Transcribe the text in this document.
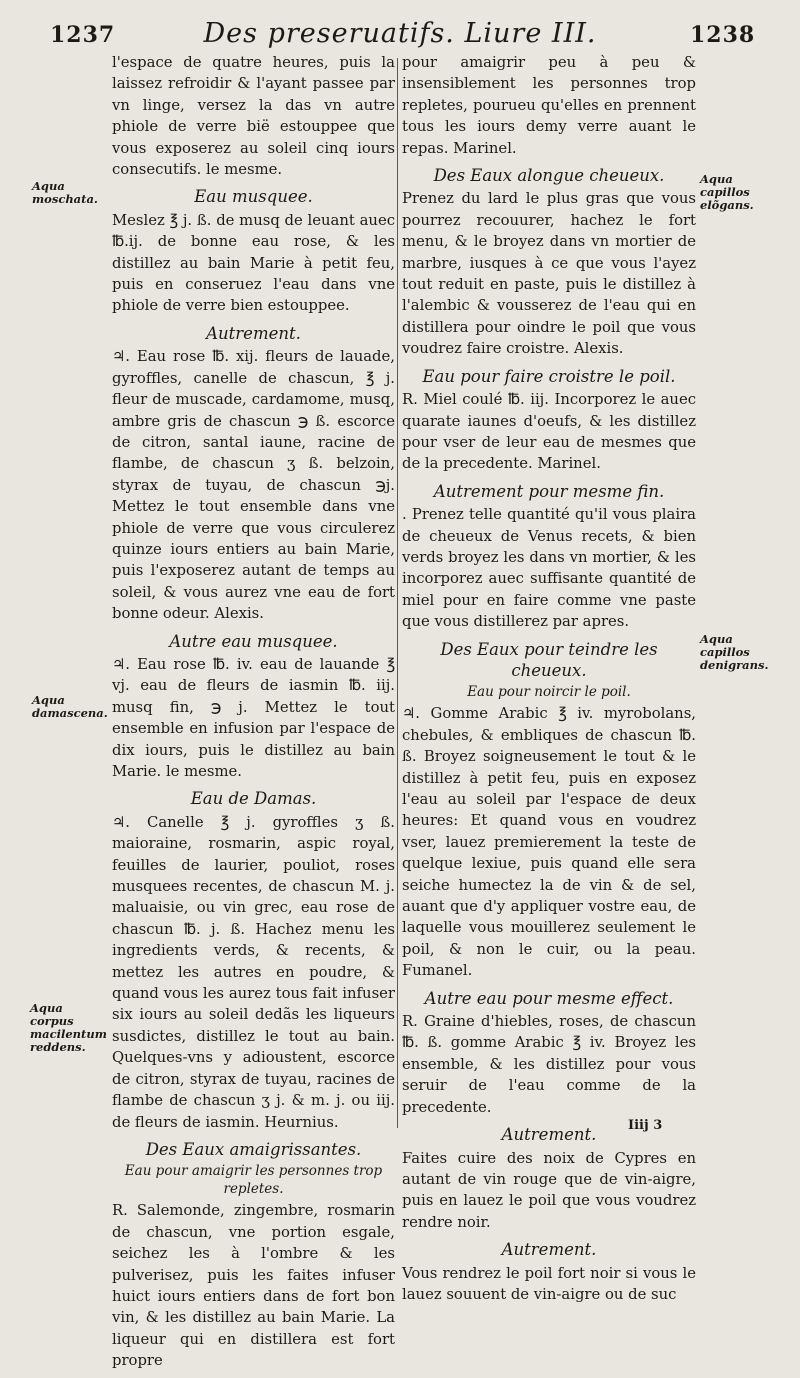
1237	Des preseruatifs. Liure III.	1238
l'espace de quatre heures, puis la laissez refroidir & l'ayant passee par vn linge, versez la das vn autre phiole de verre bië estouppee que vous exposerez au soleil cinq iours consecutifs. le mesme.
Eau musquee.
Meslez ℥ j. ß. de musq de leuant auec ℔.ij. de bonne eau rose, & les distillez au bain Marie à petit feu, puis en conseruez l'eau dans vne phiole de verre bien estouppee.
Autrement.
♃. Eau rose ℔. xij. fleurs de lauade, gyroffles, canelle de chascun, ℥ j. fleur de muscade, cardamome, musq, ambre gris de chascun ℈ ß. escorce de citron, santal iaune, racine de flambe, de chascun ʒ ß. belzoin, styrax de tuyau, de chascun ℈j. Mettez le tout ensemble dans vne phiole de verre que vous circulerez quinze iours entiers au bain Marie, puis l'exposerez autant de temps au soleil, & vous aurez vne eau de fort bonne odeur. Alexis.
Autre eau musquee.
♃. Eau rose ℔. iv. eau de lauande ℥ vj. eau de fleurs de iasmin ℔. iij. musq fin, ℈ j. Mettez le tout ensemble en infusion par l'espace de dix iours, puis le distillez au bain Marie. le mesme.
Eau de Damas.
♃. Canelle ℥ j. gyroffles ʒ ß. maioraine, rosmarin, aspic royal, feuilles de laurier, pouliot, roses musquees recentes, de chascun M. j. maluaisie, ou vin grec, eau rose de chascun ℔. j. ß. Hachez menu les ingredients verds, & recents, & mettez les autres en poudre, & quand vous les aurez tous fait infuser six iours au soleil dedãs les liqueurs susdictes, distillez le tout au bain. Quelques-vns y adioustent, escorce de citron, styrax de tuyau, racines de flambe de chascun ʒ j. & m. j. ou iij. de fleurs de iasmin. Heurnius.
Des Eaux amaigrissantes.
Eau pour amaigrir les personnes trop repletes.
R. Salemonde, zingembre, rosmarin de chascun, vne portion esgale, seichez les à l'ombre & les pulverisez, puis les faites infuser huict iours entiers dans de fort bon vin, & les distillez au bain Marie. La liqueur qui en distillera est fort propre
pour amaigrir peu à peu & insensiblement les personnes trop repletes, pourueu qu'elles en prennent tous les iours demy verre auant le repas. Marinel.
Des Eaux alongue cheueux.
Prenez du lard le plus gras que vous pourrez recouurer, hachez le fort menu, & le broyez dans vn mortier de marbre, iusques à ce que vous l'ayez tout reduit en paste, puis le distillez à l'alembic & vousserez de l'eau qui en distillera pour oindre le poil que vous voudrez faire croistre. Alexis.
Eau pour faire croistre le poil.
R. Miel coulé ℔. iij. Incorporez le auec quarate iaunes d'oeufs, & les distillez pour vser de leur eau de mesmes que de la precedente. Marinel.
Autrement pour mesme fin.
. Prenez telle quantité qu'il vous plaira de cheueux de Venus recets, & bien verds broyez les dans vn mortier, & les incorporez auec suffisante quantité de miel pour en faire comme vne paste que vous distillerez par apres.
Des Eaux pour teindre les cheueux.
Eau pour noircir le poil.
♃. Gomme Arabic ℥ iv. myrobolans, chebules, & embliques de chascun ℔. ß. Broyez soigneusement le tout & le distillez à petit feu, puis en exposez l'eau au soleil par l'espace de deux heures: Et quand vous en voudrez vser, lauez premierement la teste de quelque lexiue, puis quand elle sera seiche humectez la de vin & de sel, auant que d'y appliquer vostre eau, de laquelle vous mouillerez seulement le poil, & non le cuir, ou la peau. Fumanel.
Autre eau pour mesme effect.
R. Graine d'hiebles, roses, de chascun ℔. ß. gomme Arabic ℥ iv. Broyez les ensemble, & les distillez pour vous seruir de l'eau comme de la precedente.
Autrement.
Faites cuire des noix de Cypres en autant de vin rouge que de vin-aigre, puis en lauez le poil que vous voudrez rendre noir.
Autrement.
Vous rendrez le poil fort noir si vous le lauez souuent de vin-aigre ou de suc
Aqua moschata.
Aqua damascena.
Aqua corpus macilentum reddens.
Aqua capillos elõgans.
Aqua capillos denigrans.
Iiij 3
